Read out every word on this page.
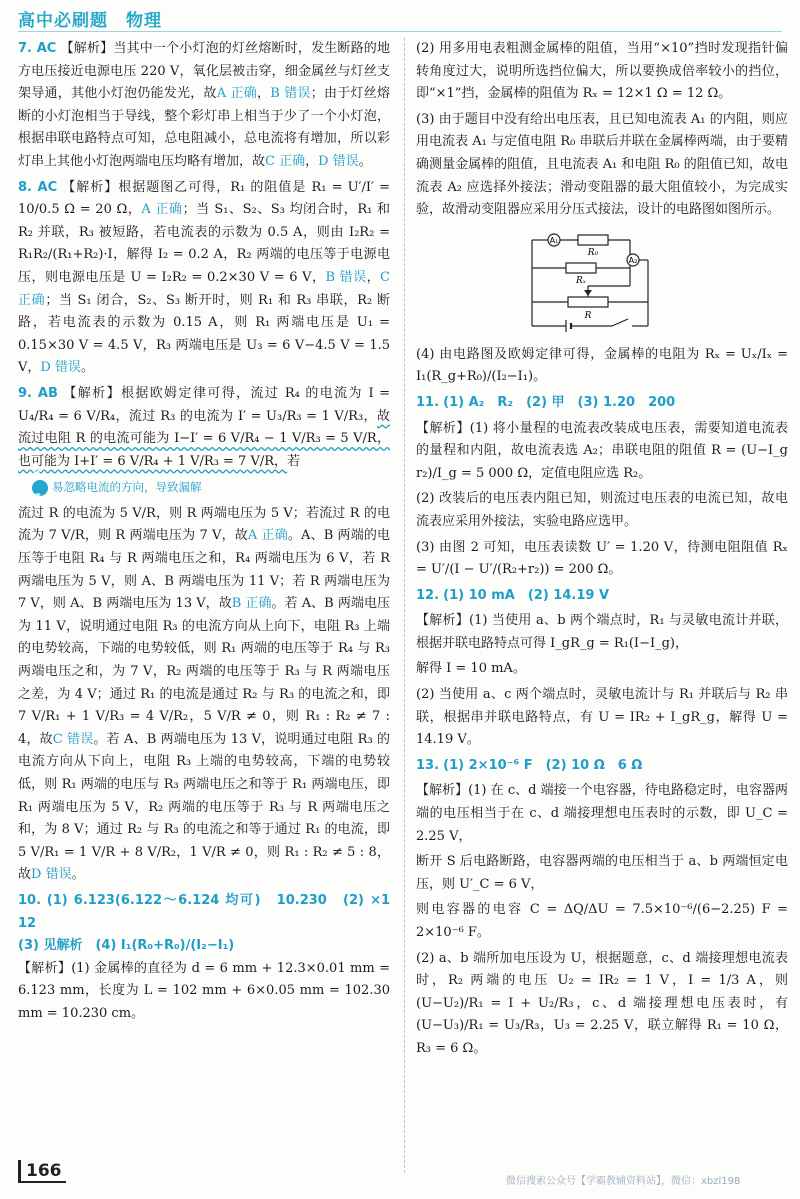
高中必刷题　物理

7. AC 【解析】当其中一个小灯泡的灯丝熔断时，发生断路的地方电压接近电源电压 220 V，氧化层被击穿，细金属丝与灯丝支架导通，其他小灯泡仍能发光，故A 正确，B 错误；由于灯丝熔断的小灯泡相当于导线，整个彩灯串上相当于少了一个小灯泡，根据串联电路特点可知，总电阻减小，总电流将有增加，所以彩灯串上其他小灯泡两端电压均略有增加，故C 正确，D 错误。

8. AC 【解析】根据题图乙可得，R₁ 的阻值是 R₁ = U′/I′ = 10/0.5 Ω = 20 Ω，A 正确；当 S₁、S₂、S₃ 均闭合时，R₁ 和 R₂ 并联，R₃ 被短路，若电流表的示数为 0.5 A，则由 I₂R₂ = R₁R₂/(R₁+R₂)·I，解得 I₂ = 0.2 A，R₂ 两端的电压等于电源电压，则电源电压是 U = I₂R₂ = 0.2×30 V = 6 V，B 错误，C 正确；当 S₁ 闭合，S₂、S₃ 断开时，则 R₁ 和 R₃ 串联，R₂ 断路，若电流表的示数为 0.15 A，则 R₁ 两端电压是 U₁ = 0.15×30 V = 4.5 V，R₃ 两端电压是 U₃ = 6 V−4.5 V = 1.5 V，D 错误。

9. AB 【解析】根据欧姆定律可得，流过 R₄ 的电流为 I = U₄/R₄ = 6 V/R₄，流过 R₃ 的电流为 I′ = U₃/R₃ = 1 V/R₃，故流过电阻 R 的电流可能为 I−I′ = 6 V/R₄ − 1 V/R₃ = 5 V/R，也可能为 I+I′ = 6 V/R₄ + 1 V/R₃ = 7 V/R，若

易错
易忽略电流的方向，导致漏解

流过 R 的电流为 5 V/R，则 R 两端电压为 5 V；若流过 R 的电流为 7 V/R，则 R 两端电压为 7 V，故A 正确。A、B 两端的电压等于电阻 R₄ 与 R 两端电压之和，R₄ 两端电压为 6 V，若 R 两端电压为 5 V，则 A、B 两端电压为 11 V；若 R 两端电压为 7 V，则 A、B 两端电压为 13 V，故B 正确。若 A、B 两端电压为 11 V，说明通过电阻 R₃ 的电流方向从上向下，电阻 R₃ 上端的电势较高，下端的电势较低，则 R₁ 两端的电压等于 R₄ 与 R₃ 两端电压之和，为 7 V，R₂ 两端的电压等于 R₃ 与 R 两端电压之差，为 4 V；通过 R₁ 的电流是通过 R₂ 与 R₃ 的电流之和，即 7 V/R₁ + 1 V/R₃ = 4 V/R₂，5 V/R ≠ 0，则 R₁ : R₂ ≠ 7 : 4，故C 错误。若 A、B 两端电压为 13 V，说明通过电阻 R₃ 的电流方向从下向上，电阻 R₃ 上端的电势较高，下端的电势较低，则 R₁ 两端的电压与 R₃ 两端电压之和等于 R₁ 两端电压，即 R₁ 两端电压为 5 V，R₂ 两端的电压等于 R₃ 与 R 两端电压之和，为 8 V；通过 R₂ 与 R₃ 的电流之和等于通过 R₁ 的电流，即 5 V/R₁ = 1 V/R + 8 V/R₂，1 V/R ≠ 0，则 R₁ : R₂ ≠ 5 : 8，故D 错误。

10. (1) 6.123(6.122～6.124 均可)　10.230　(2) ×1　12
(3) 见解析　(4) I₁(R₀+R₀)/(I₂−I₁)
【解析】(1) 金属棒的直径为 d = 6 mm + 12.3×0.01 mm = 6.123 mm，长度为 L = 102 mm + 6×0.05 mm = 102.30 mm = 10.230 cm。

(2) 用多用电表粗测金属棒的阻值，当用“×10”挡时发现指针偏转角度过大，说明所选挡位偏大，所以要换成倍率较小的挡位，即“×1”挡，金属棒的阻值为 Rₓ = 12×1 Ω = 12 Ω。

(3) 由于题目中没有给出电压表，且已知电流表 A₁ 的内阻，则应用电流表 A₁ 与定值电阻 R₀ 串联后并联在金属棒两端，由于要精确测量金属棒的阻值，且电流表 A₁ 和电阻 R₀ 的阻值已知，故电流表 A₂ 应选择外接法；滑动变阻器的最大阻值较小，为完成实验，故滑动变阻器应采用分压式接法，设计的电路图如图所示。

A₁
A₂
R₀
Rₓ
R

(4) 由电路图及欧姆定律可得，金属棒的电阻为 Rₓ = Uₓ/Iₓ = I₁(R_g+R₀)/(I₂−I₁)。

11. (1) A₂　R₂　(2) 甲　(3) 1.20　200

【解析】(1) 将小量程的电流表改装成电压表，需要知道电流表的量程和内阻，故电流表选 A₂；串联电阻的阻值 R = (U−I_g r₂)/I_g = 5 000 Ω，定值电阻应选 R₂。

(2) 改装后的电压表内阻已知，则流过电压表的电流已知，故电流表应采用外接法，实验电路应选甲。

(3) 由图 2 可知，电压表读数 U′ = 1.20 V，待测电阻阻值 Rₓ = U′/(I − U′/(R₂+r₂)) = 200 Ω。

12. (1) 10 mA　(2) 14.19 V

【解析】(1) 当使用 a、b 两个端点时，R₁ 与灵敏电流计并联，根据并联电路特点可得 I_gR_g = R₁(I−I_g)，

解得 I = 10 mA。

(2) 当使用 a、c 两个端点时，灵敏电流计与 R₁ 并联后与 R₂ 串联，根据串并联电路特点，有 U = IR₂ + I_gR_g，解得 U = 14.19 V。

13. (1) 2×10⁻⁶ F　(2) 10 Ω　6 Ω

【解析】(1) 在 c、d 端接一个电容器，待电路稳定时，电容器两端的电压相当于在 c、d 端接理想电压表时的示数，即 U_C = 2.25 V，

断开 S 后电路断路，电容器两端的电压相当于 a、b 两端恒定电压，则 U′_C = 6 V，

则电容器的电容 C = ΔQ/ΔU = 7.5×10⁻⁶/(6−2.25) F = 2×10⁻⁶ F。

(2) a、b 端所加电压设为 U，根据题意，c、d 端接理想电流表时，R₂ 两端的电压 U₂ = IR₂ = 1 V，I = 1/3 A，则 (U−U₂)/R₁ = I + U₂/R₃，c、d 端接理想电压表时，有 (U−U₃)/R₁ = U₃/R₃，U₃ = 2.25 V，联立解得 R₁ = 10 Ω，R₃ = 6 Ω。

166
微信搜索公众号【学霸教辅资料站】，微信：xbzl198
